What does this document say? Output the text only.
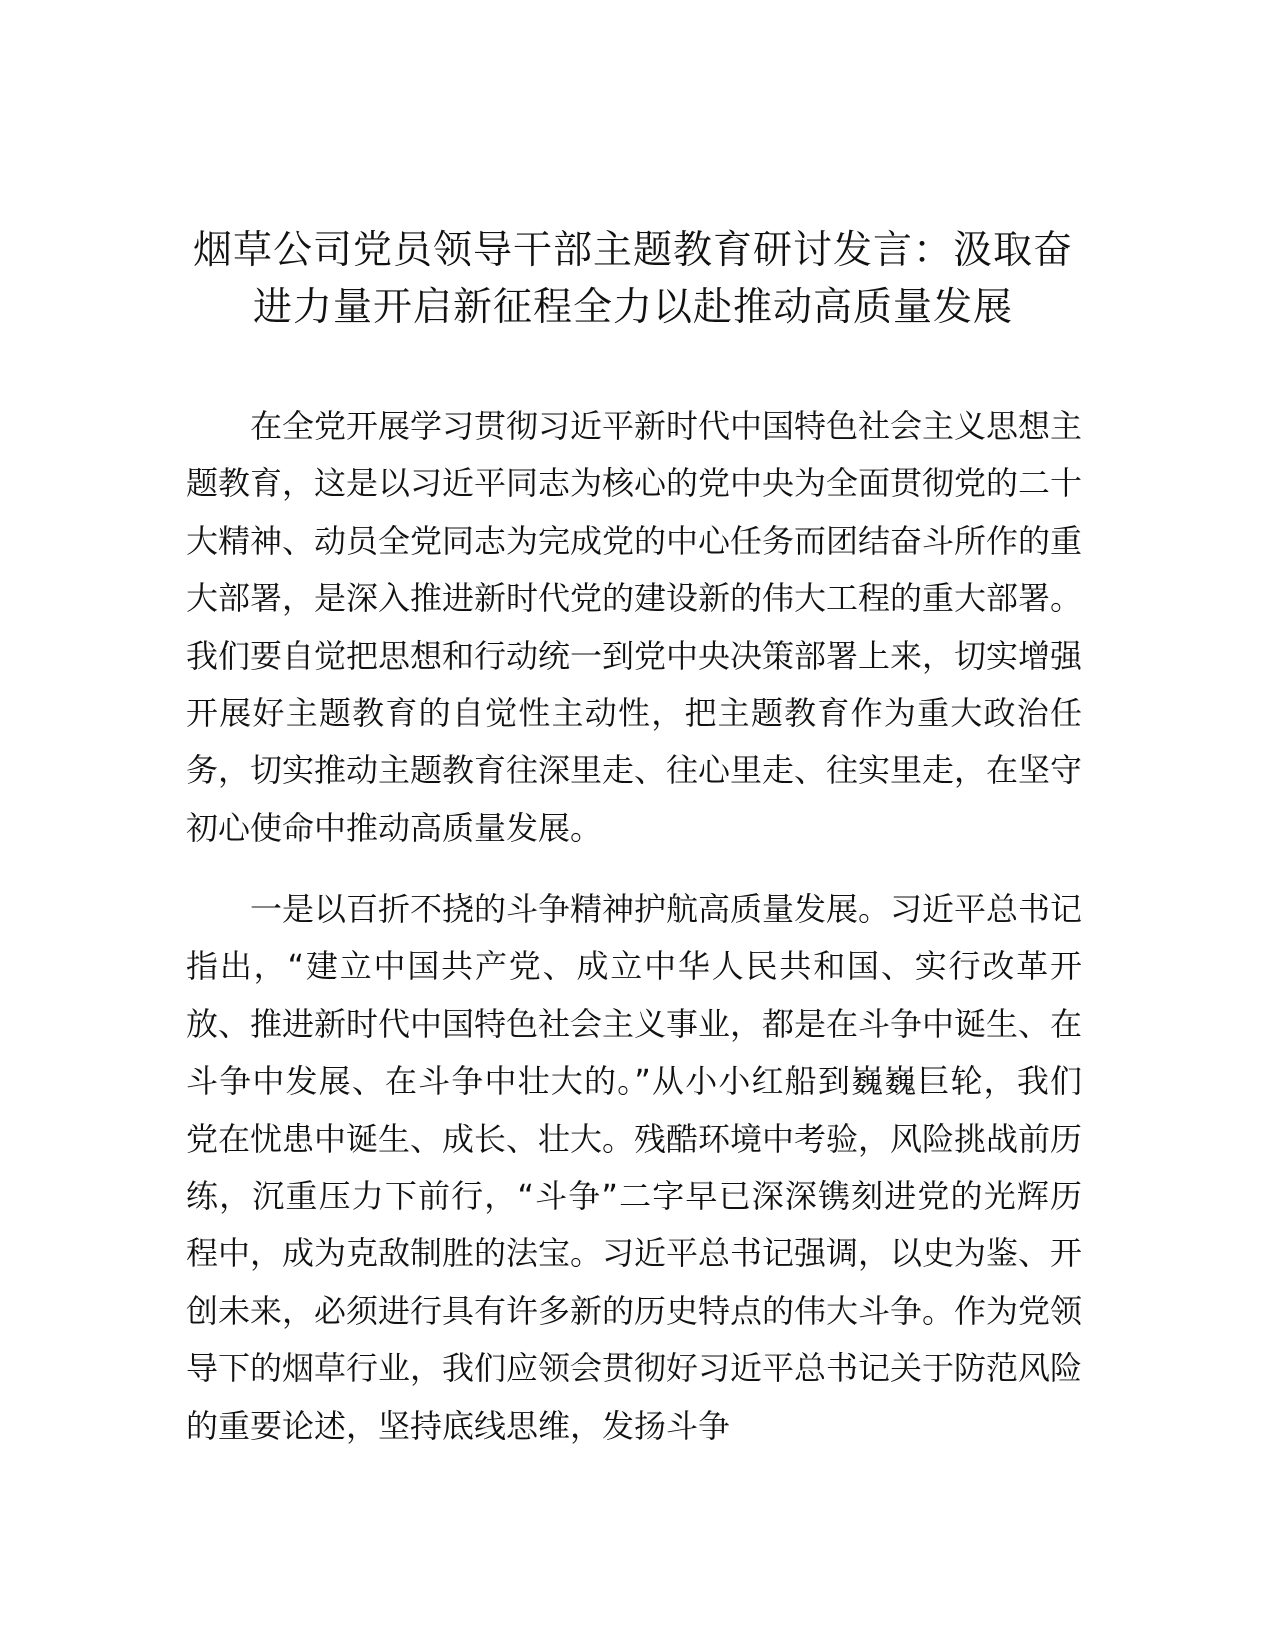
烟草公司党员领导干部主题教育研讨发言：汲取奋进力量开启新征程全力以赴推动高质量发展

在全党开展学习贯彻习近平新时代中国特色社会主义思想主题教育，这是以习近平同志为核心的党中央为全面贯彻党的二十大精神、动员全党同志为完成党的中心任务而团结奋斗所作的重大部署，是深入推进新时代党的建设新的伟大工程的重大部署。我们要自觉把思想和行动统一到党中央决策部署上来，切实增强开展好主题教育的自觉性主动性，把主题教育作为重大政治任务，切实推动主题教育往深里走、往心里走、往实里走，在坚守初心使命中推动高质量发展。

一是以百折不挠的斗争精神护航高质量发展。习近平总书记指出，“建立中国共产党、成立中华人民共和国、实行改革开放、推进新时代中国特色社会主义事业，都是在斗争中诞生、在斗争中发展、在斗争中壮大的。”从小小红船到巍巍巨轮，我们党在忧患中诞生、成长、壮大。残酷环境中考验，风险挑战前历练，沉重压力下前行，“斗争”二字早已深深镌刻进党的光辉历程中，成为克敌制胜的法宝。习近平总书记强调，以史为鉴、开创未来，必须进行具有许多新的历史特点的伟大斗争。作为党领导下的烟草行业，我们应领会贯彻好习近平总书记关于防范风险的重要论述，坚持底线思维，发扬斗争
